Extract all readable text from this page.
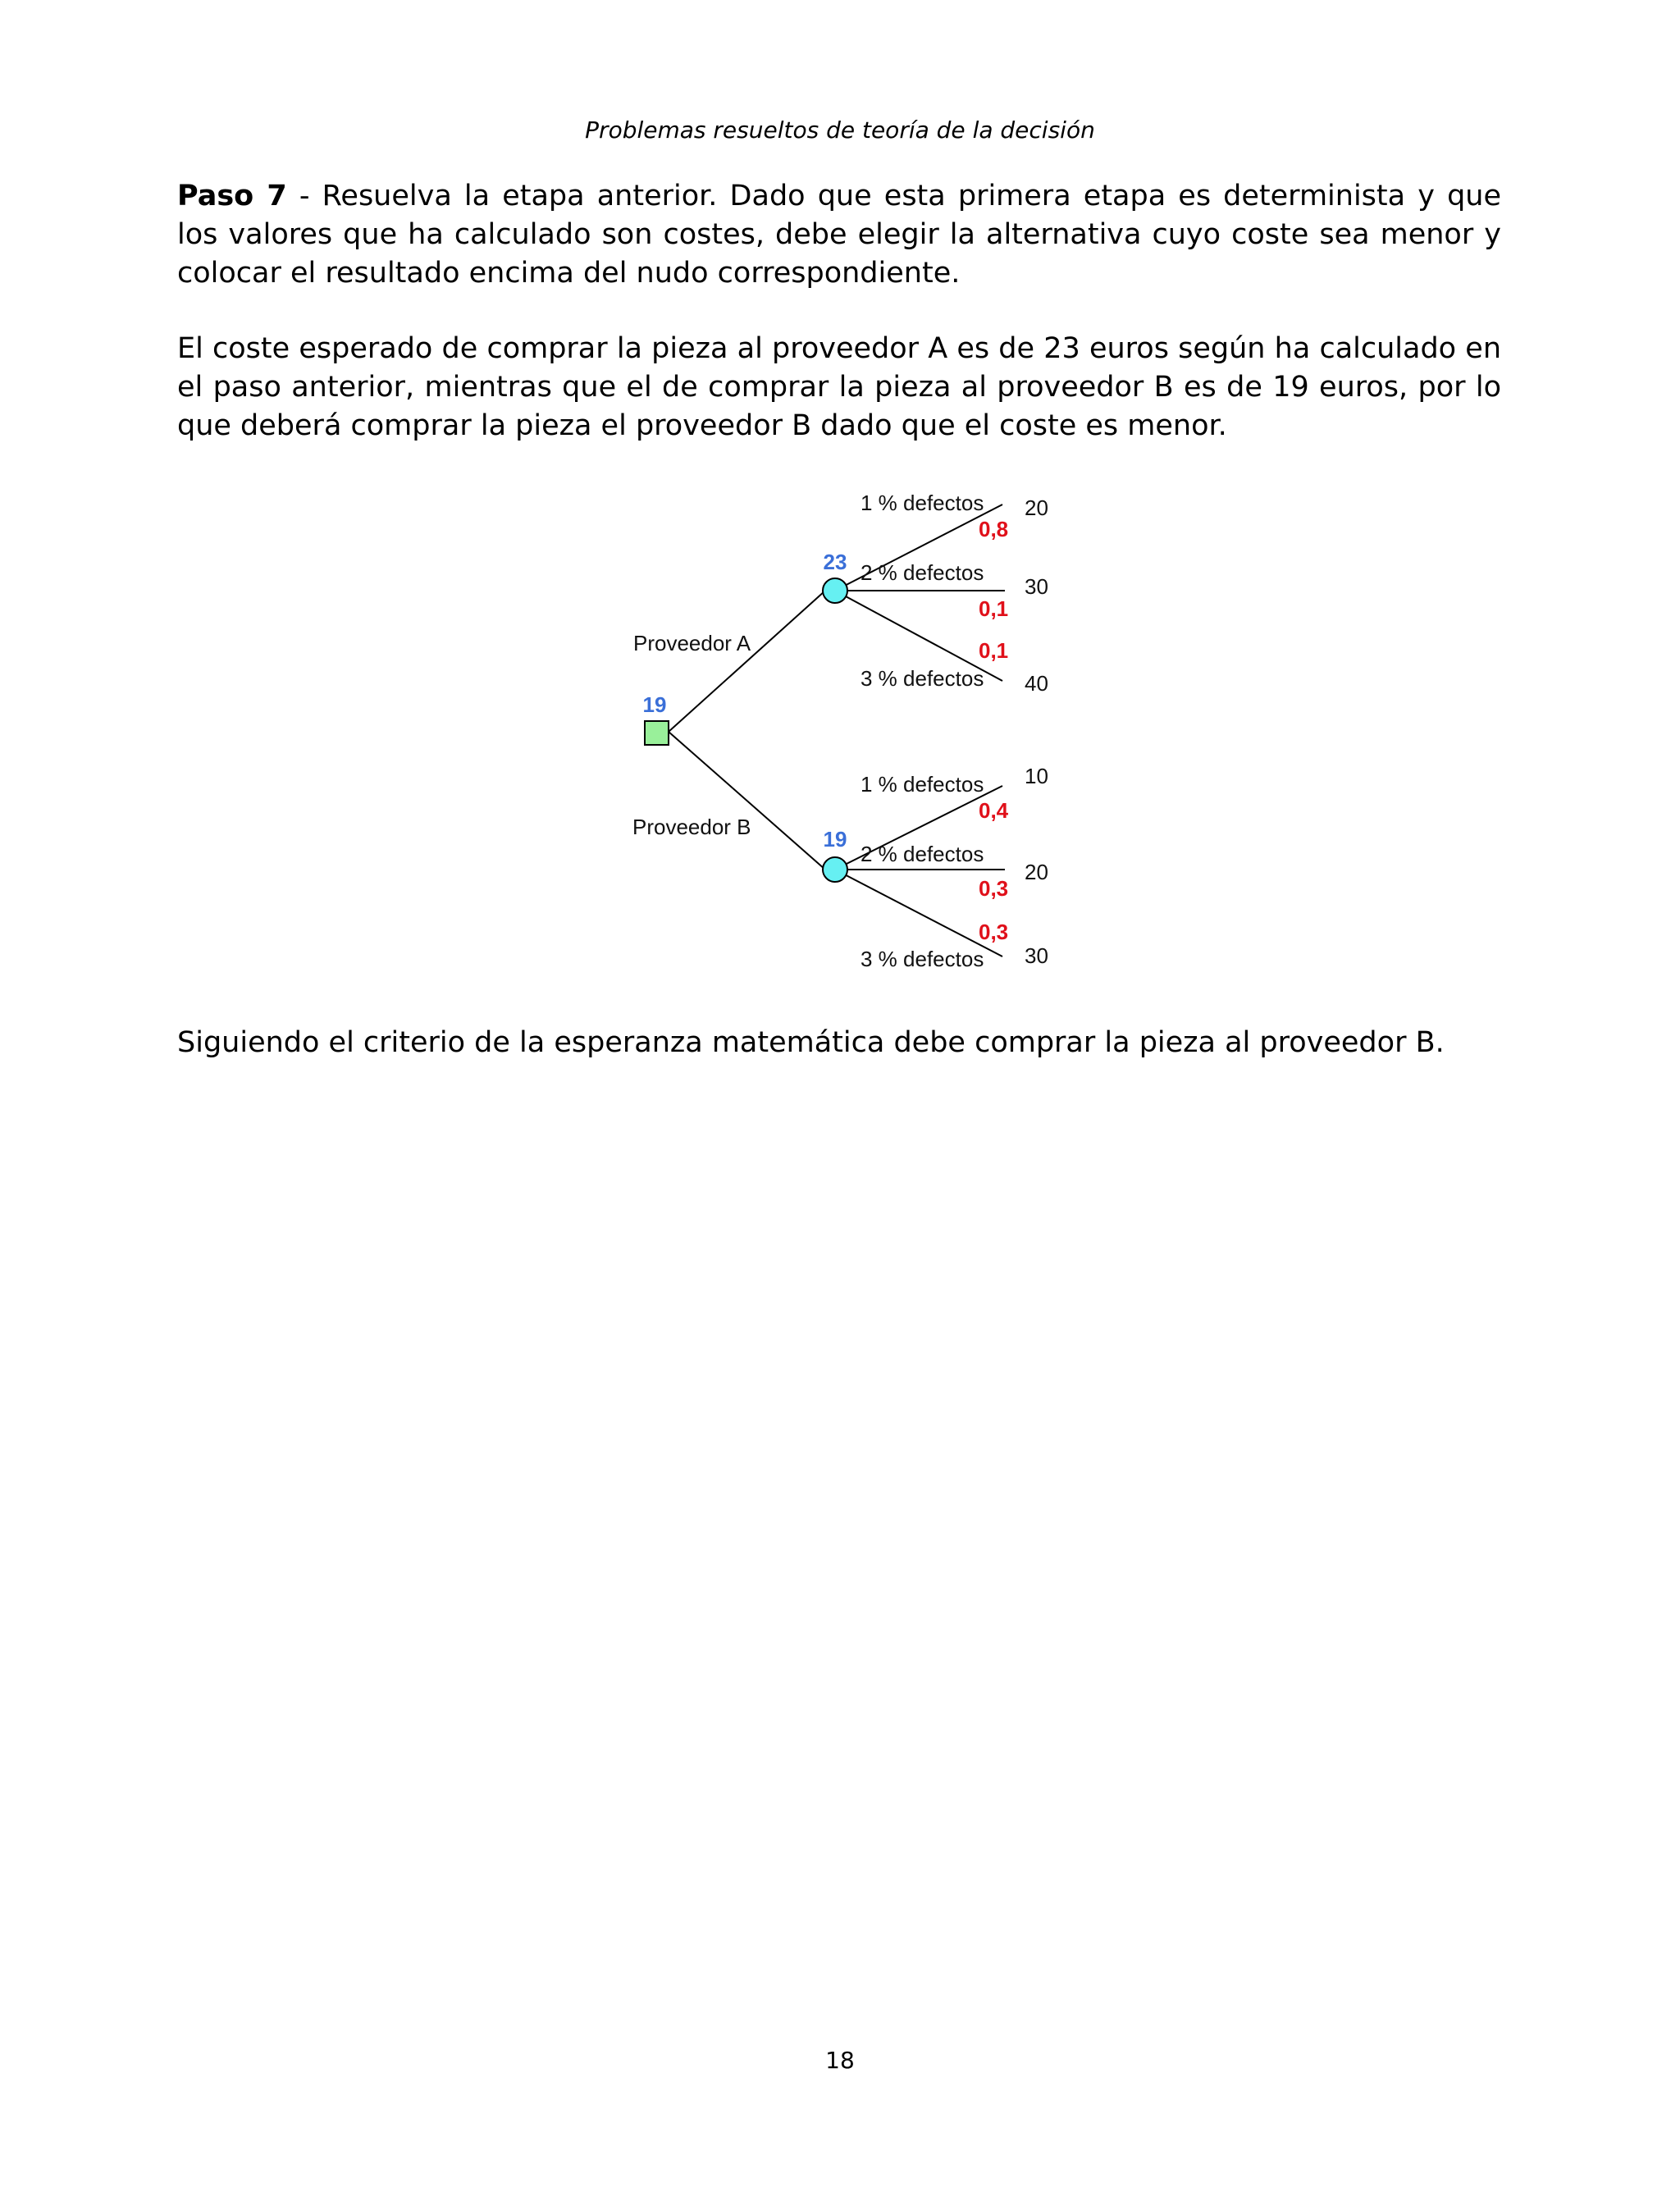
Problemas resueltos de teoría de la decisión

Paso 7 - Resuelva la etapa anterior. Dado que esta primera etapa es determinista y que los valores que ha calculado son costes, debe elegir la alternativa cuyo coste sea menor y colocar el resultado encima del nudo correspondiente.

El coste esperado de comprar la pieza al proveedor A es de 23 euros según ha calculado en el paso anterior, mientras que el de comprar la pieza al proveedor B es de 19 euros, por lo que deberá comprar la pieza el proveedor B dado que el coste es menor.

19
23
19
Proveedor A
Proveedor B
1 % defectos
0,8
20
2 % defectos
0,1
30
0,1
3 % defectos 40
1 % defectos 10
0,4
2 % defectos
20
0,3
0,3
3 % defectos 30

Siguiendo el criterio de la esperanza matemática debe comprar la pieza al proveedor B.

18
